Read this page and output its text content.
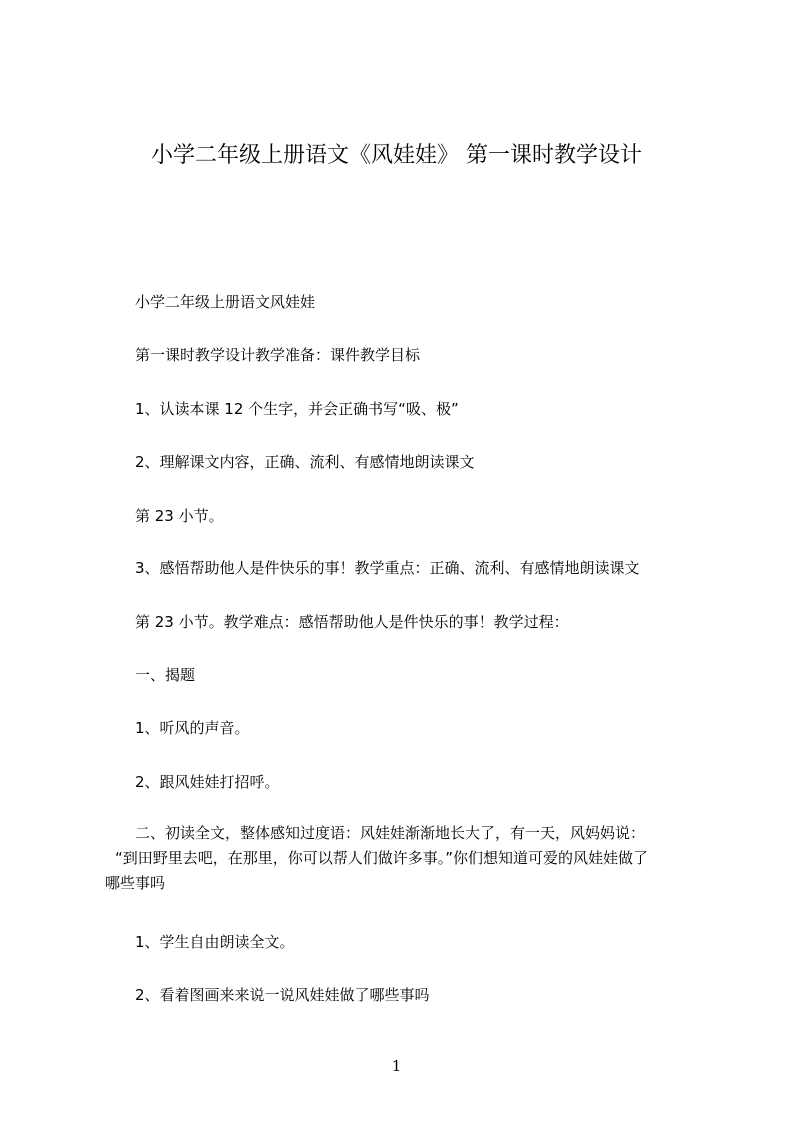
小学二年级上册语文《风娃娃》 第一课时教学设计
小学二年级上册语文风娃娃
第一课时教学设计教学准备：课件教学目标
1、认读本课 12 个生字，并会正确书写“吸、极”
2、理解课文内容，正确、流利、有感情地朗读课文
第 23 小节。
3、感悟帮助他人是件快乐的事！教学重点：正确、流利、有感情地朗读课文
第 23 小节。教学难点：感悟帮助他人是件快乐的事！教学过程：
一、揭题
1、听风的声音。
2、跟风娃娃打招呼。
　二、初读全文，整体感知过度语：风娃娃渐渐地长大了，有一天，风妈妈说：
“到田野里去吧，在那里，你可以帮人们做许多事。”你们想知道可爱的风娃娃做了
哪些事吗
1、学生自由朗读全文。
2、看着图画来来说一说风娃娃做了哪些事吗
1
